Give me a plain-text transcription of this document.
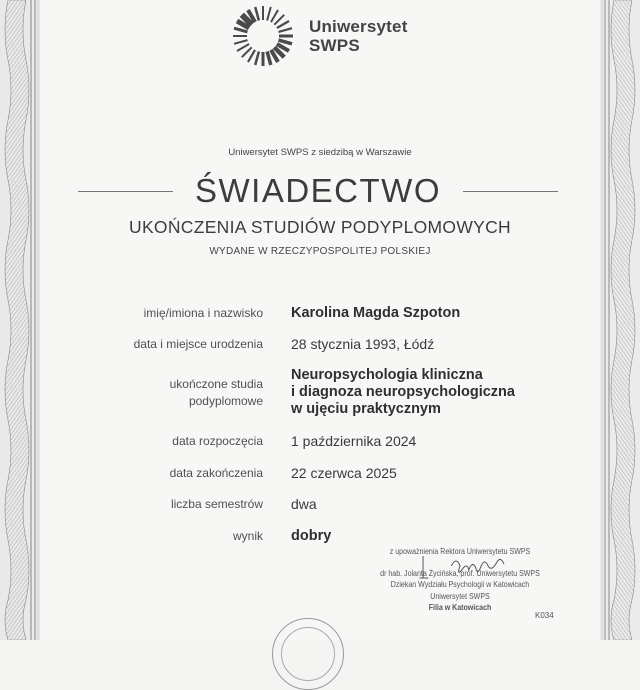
Uniwersytet
SWPS
Uniwersytet SWPS z siedzibą w Warszawie
ŚWIADECTWO
UKOŃCZENIA STUDIÓW PODYPLOMOWYCH
WYDANE W RZECZYPOSPOLITEJ POLSKIEJ
imię/imiona i nazwisko Karolina Magda Szpoton
data i miejsce urodzenia 28 stycznia 1993, Łódź
ukończone studia
podyplomowe
Neuropsychologia kliniczna
i diagnoza neuropsychologiczna
w ujęciu praktycznym
data rozpoczęcia 1 października 2024
data zakończenia 22 czerwca 2025
liczba semestrów dwa
wynik dobry
z upoważnienia Rektora Uniwersytetu SWPS
dr hab. Jolanta Życińska, prof. Uniwersytetu SWPS
Dziekan Wydziału Psychologii w Katowicach
Uniwersytet SWPS
Filia w Katowicach
K034
